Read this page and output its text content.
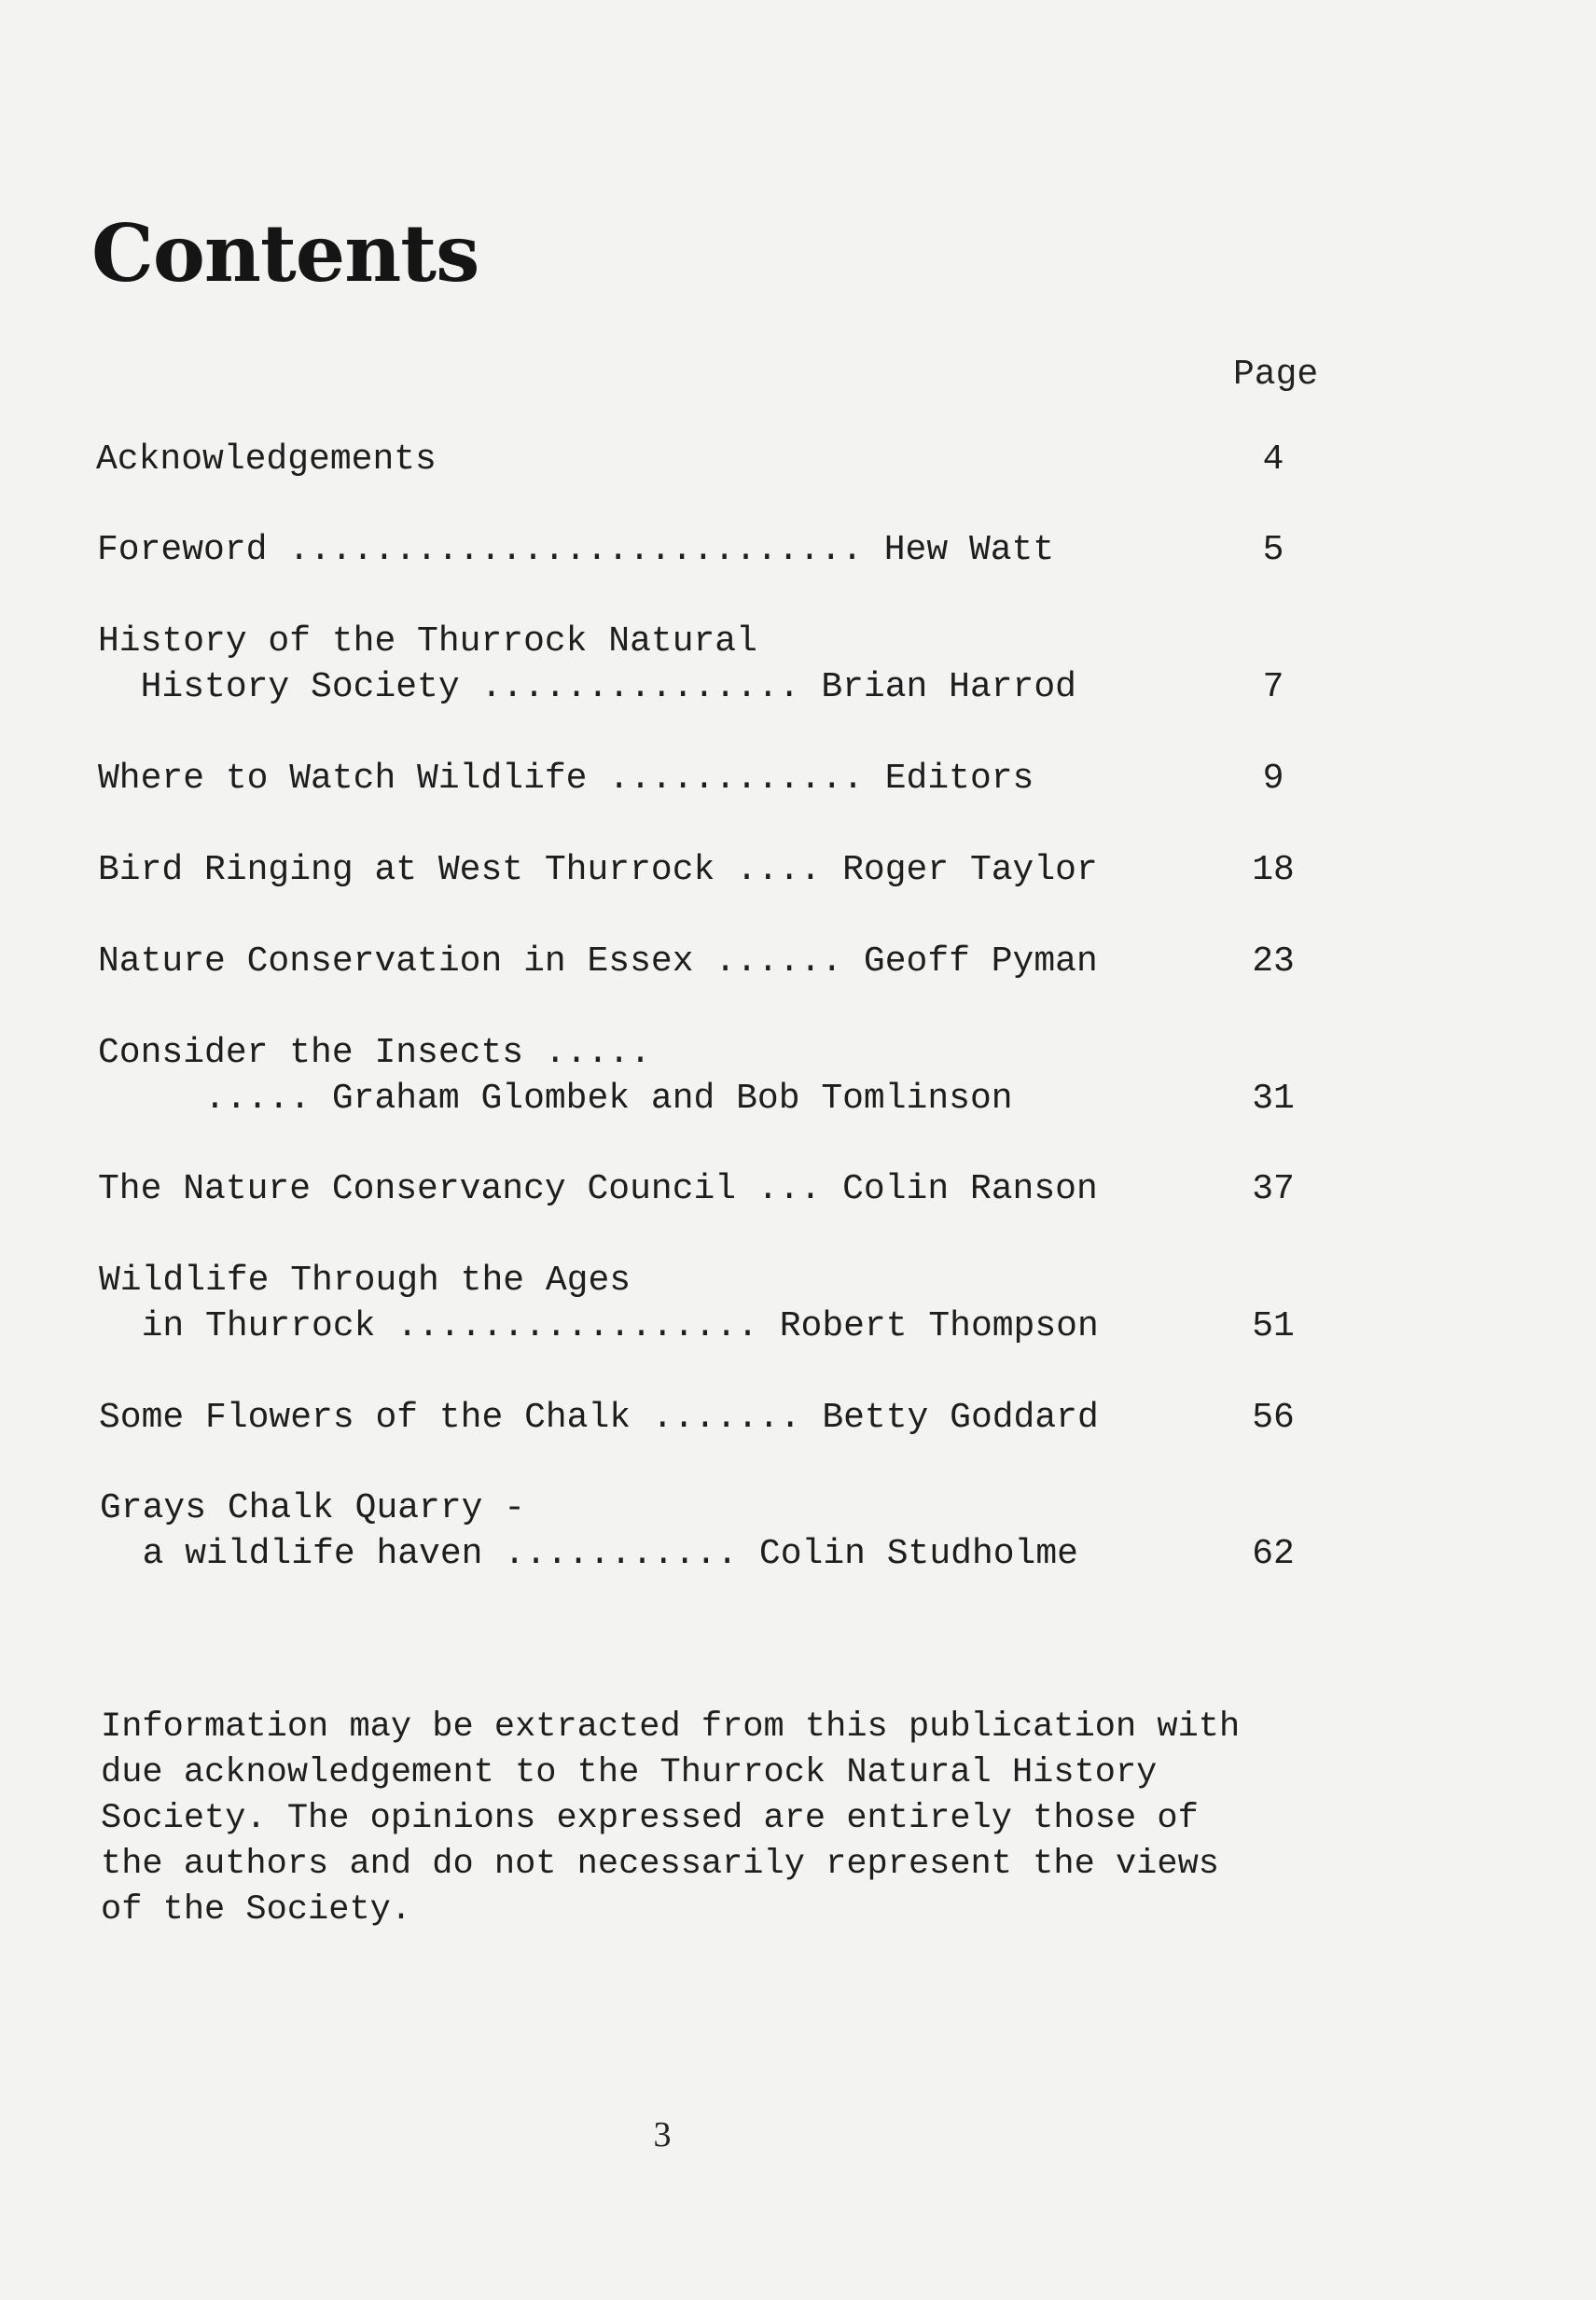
Contents
Page
Acknowledgements	4
Foreword ........................... Hew Watt	5
History of the Thurrock Natural
History Society ............... Brian Harrod	7
Where to Watch Wildlife ............ Editors	9
Bird Ringing at West Thurrock .... Roger Taylor	18
Nature Conservation in Essex ...... Geoff Pyman	23
Consider the Insects .....
..... Graham Glombek and Bob Tomlinson	31
The Nature Conservancy Council ... Colin Ranson	37
Wildlife Through the Ages
in Thurrock ................. Robert Thompson	51
Some Flowers of the Chalk ....... Betty Goddard	56
Grays Chalk Quarry -
a wildlife haven ........... Colin Studholme	62
Information may be extracted from this publication with
due acknowledgement to the Thurrock Natural History
Society. The opinions expressed are entirely those of
the authors and do not necessarily represent the views
of the Society.
3
